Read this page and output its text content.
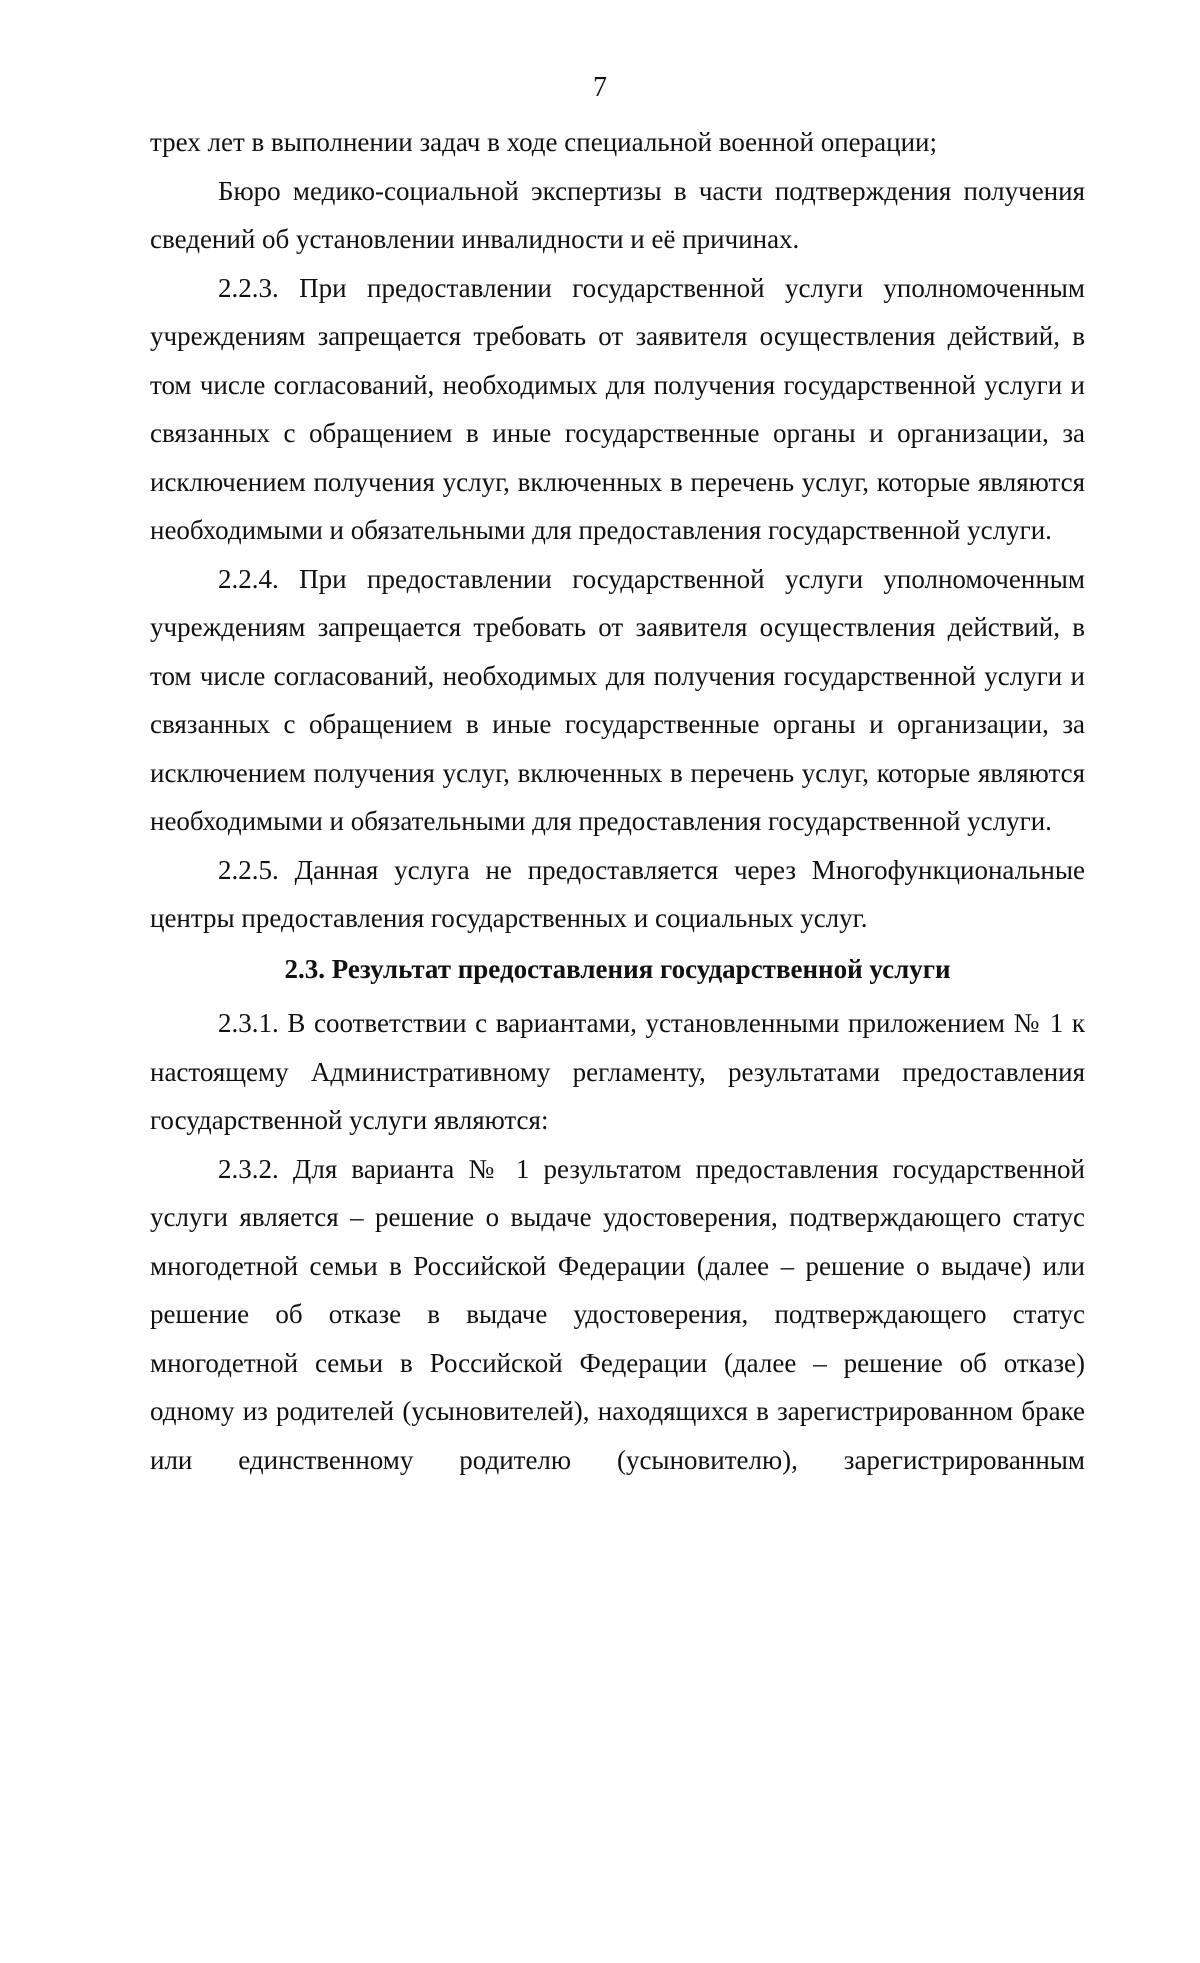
7

трех лет в выполнении задач в ходе специальной военной операции;

Бюро медико-социальной экспертизы в части подтверждения получения сведений об установлении инвалидности и её причинах.

2.2.3. При предоставлении государственной услуги уполномоченным учреждениям запрещается требовать от заявителя осуществления действий, в том числе согласований, необходимых для получения государственной услуги и связанных с обращением в иные государственные органы и организации, за исключением получения услуг, включенных в перечень услуг, которые являются необходимыми и обязательными для предоставления государственной услуги.

2.2.4. При предоставлении государственной услуги уполномоченным учреждениям запрещается требовать от заявителя осуществления действий, в том числе согласований, необходимых для получения государственной услуги и связанных с обращением в иные государственные органы и организации, за исключением получения услуг, включенных в перечень услуг, которые являются необходимыми и обязательными для предоставления государственной услуги.

2.2.5. Данная услуга не предоставляется через Многофункциональные центры предоставления государственных и социальных услуг.

2.3. Результат предоставления государственной услуги

2.3.1. В соответствии с вариантами, установленными приложением № 1 к настоящему Административному регламенту, результатами предоставления государственной услуги являются:

2.3.2. Для варианта № 1 результатом предоставления государственной услуги является – решение о выдаче удостоверения, подтверждающего статус многодетной семьи в Российской Федерации (далее – решение о выдаче) или решение об отказе в выдаче удостоверения, подтверждающего статус многодетной семьи в Российской Федерации (далее – решение об отказе) одному из родителей (усыновителей), находящихся в зарегистрированном браке или единственному родителю (усыновителю), зарегистрированным
